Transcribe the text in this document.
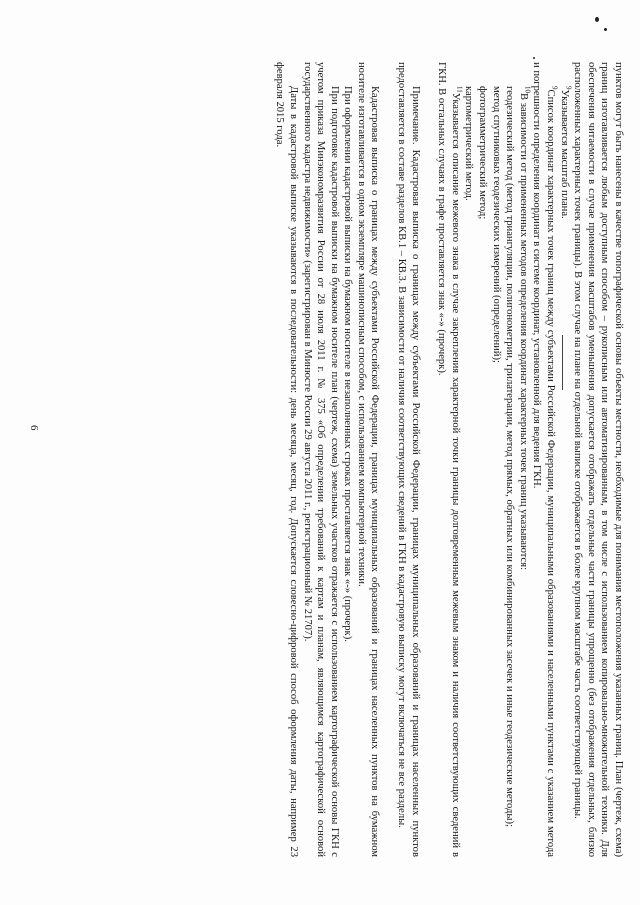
6	пунктов могут быть нанесены в качестве топографической основы объекты местности, необходимые для понимания местоположения указанных границ. План (чертеж, схема) границ изготавливается любым доступным способом – рукописным или автоматизированным, в том числе с использованием копировально-множительной техники. Для обеспечения читаемости в случае применения масштабов уменьшения допускается отображать отдельные части границы упрощенно (без отображения отдельных, близко расположенных характерных точек границы). В этом случае на плане на отдельной выписке отображается в более крупном масштабе часть соответствующей границы.

$^9$Указывается масштаб плана.

$^9$Список координат характерных точек границ между субъектами Российской Федерации, муниципальными образованиями и населенными пунктами с указанием метода и погрешности определения координат в системе координат, установленной для ведения ГКН.

$^{10}$В зависимости от примененных методов определения координат характерных точек границ указываются:

геодезический метод (метод триангуляции, полигонометрии, трилатерации, метод прямых, обратных или комбинированных засечек и иные геодезические методы);

метод спутниковых геодезических измерений (определений);

фотограмметрический метод;

картометрический метод.

$^{11}$Указывается описание межевого знака в случае закрепления характерной точки границы долговременным межевым знаком и наличия соответствующих сведений в ГКН. В остальных случаях в графе проставляется знак «-» (прочерк).

Примечание. Кадастровая выписка о границах между субъектами Российской Федерации, границах муниципальных образований и границах населенных пунктов предоставляется в составе разделов КВ.1 – КВ.3. В зависимости от наличия соответствующих сведений в ГКН в кадастровую выписку могут включаться не все разделы.

Кадастровая выписка о границах между субъектами Российской Федерации, границах муниципальных образований и границах населенных пунктов на бумажном носителе изготавливается в одном экземпляре машинописным способом, с использованием компьютерной техники.

При оформлении кадастровой выписки на бумажном носителе в незаполненных строках проставляется знак «-» (прочерк).

При подготовке кадастровой выписки на бумажном носителе план (чертеж, схема) земельных участков отражается с использованием картографической основы ГКН с учетом приказа Минэкономразвития России от 28 июля 2011 г. № 375 «Об определении требований к картам и планам, являющимся картографической основой государственного кадастра недвижимости» (зарегистрирован в Минюсте России 29 августа 2011 г., регистрационный № 21707).

Даты в кадастровой выписке указываются в последовательности: день месяца, месяц, год. Допускается словесно-цифровой способ оформления даты, например 23 февраля 2015 года.
